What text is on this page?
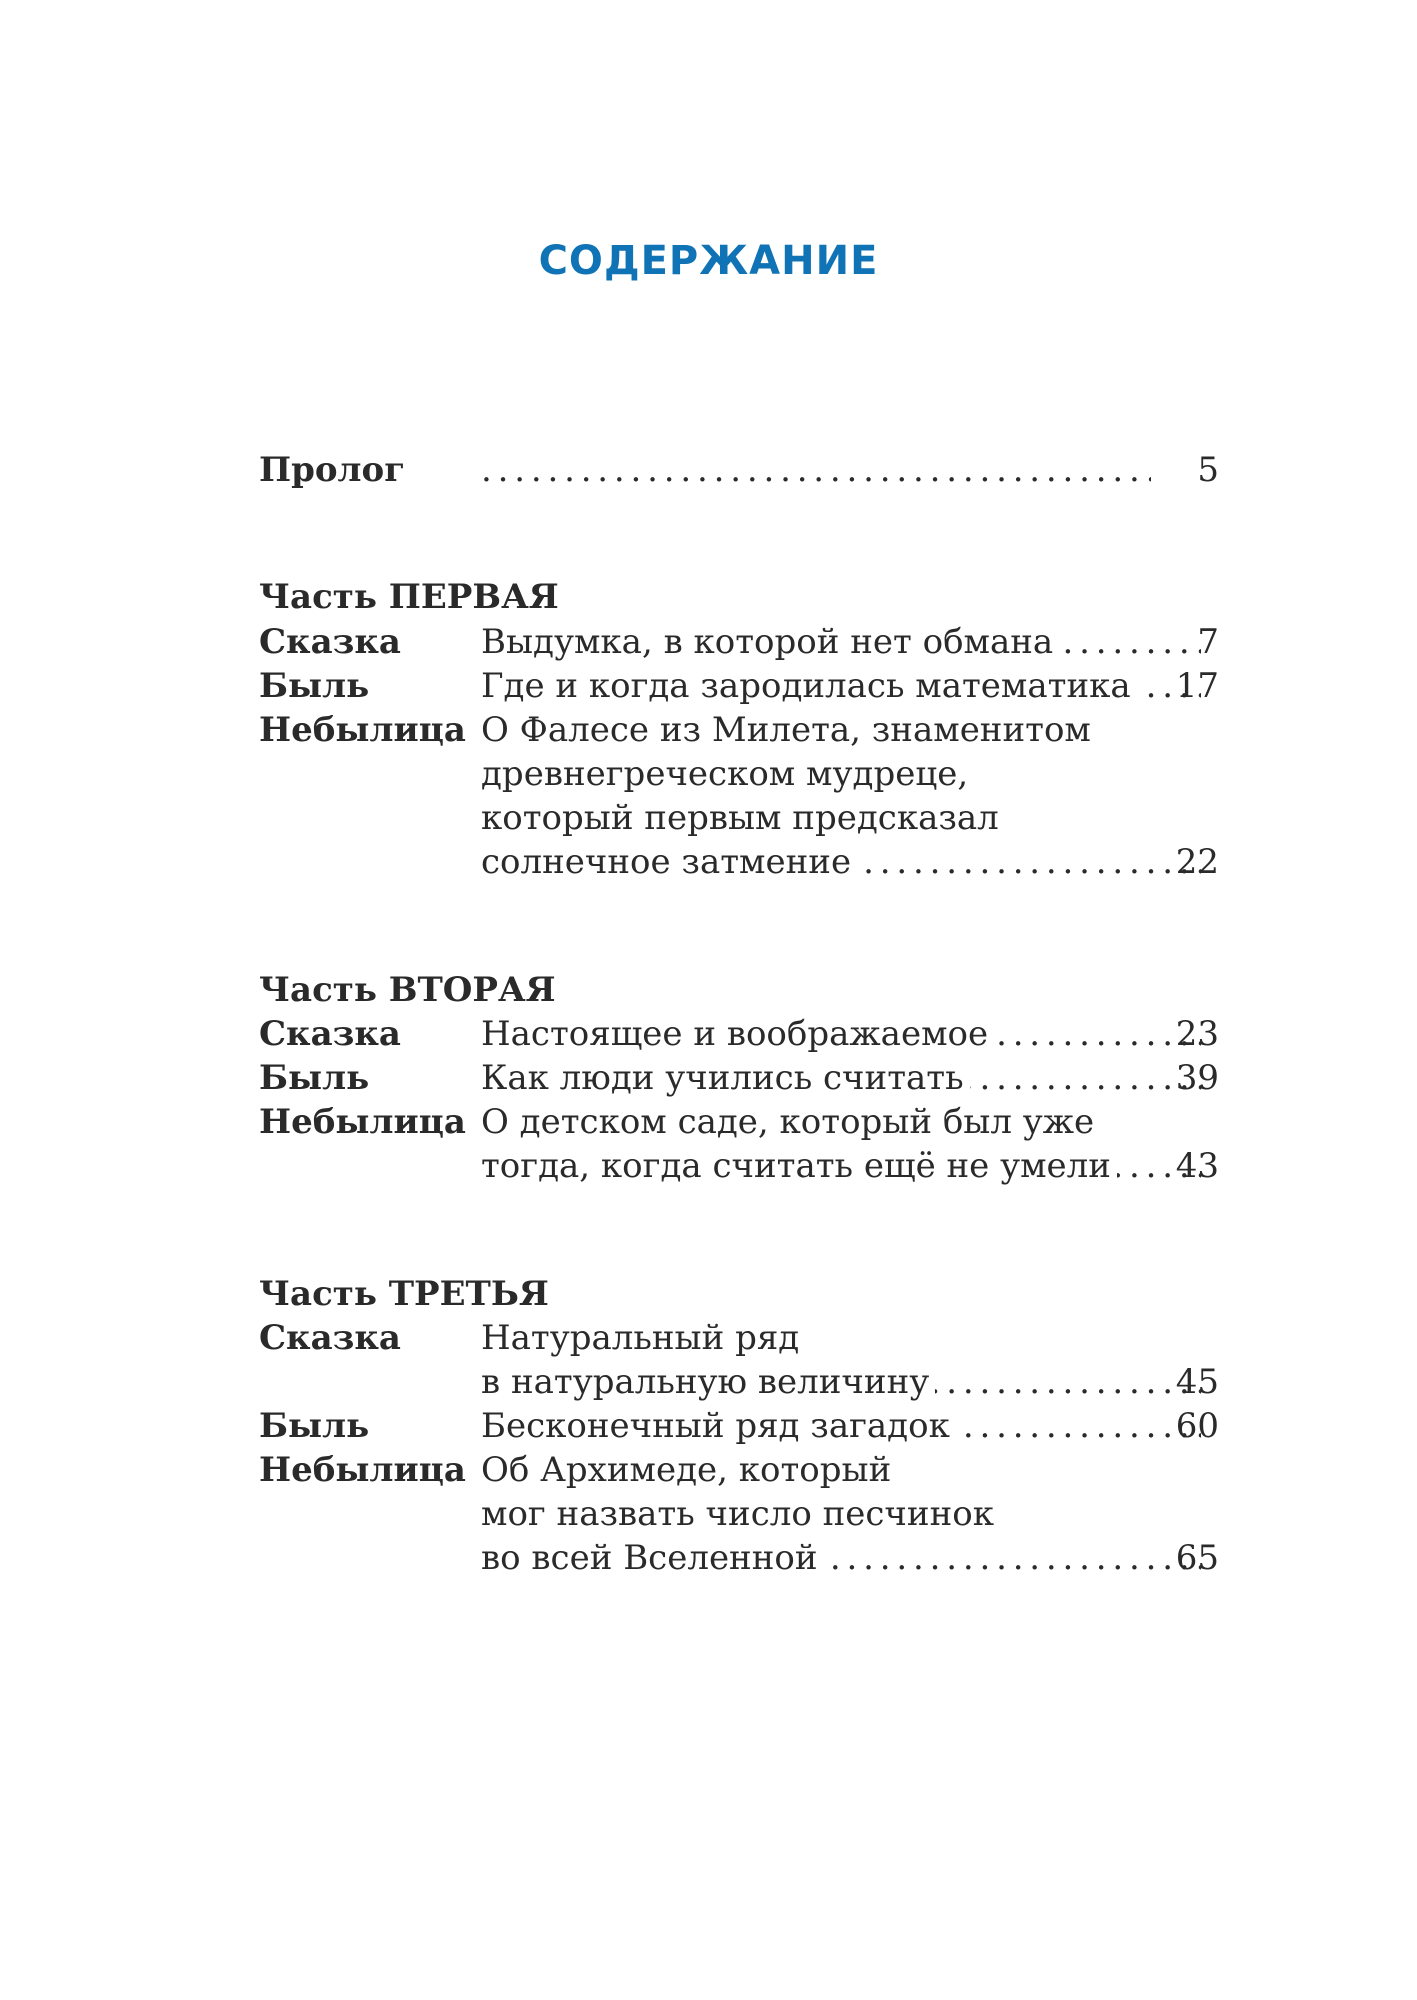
СОДЕРЖАНИЕ
Пролог . . .	5
Часть ПЕРВАЯ
Сказка Выдумка, в которой нет обмана . . .	7
Быль	Где и когда зародилась математика . . .	17
Небылица О Фалесе из Милета, знаменитом
древнегреческом мудреце,
который первым предсказал
солнечное затмение . . .	22
Часть ВТОРАЯ
Сказка Настоящее и воображаемое . . .	23
Быль	Как люди учились считать . . .	39
Небылица О детском саде, который был уже
тогда, когда считать ещё не умели . . .	43
Часть ТРЕТЬЯ
Сказка Натуральный ряд
в натуральную величину . . .	45
Быль	Бесконечный ряд загадок . . .	60
Небылица Об Архимеде, который
мог назвать число песчинок
во всей Вселенной . . .	65
